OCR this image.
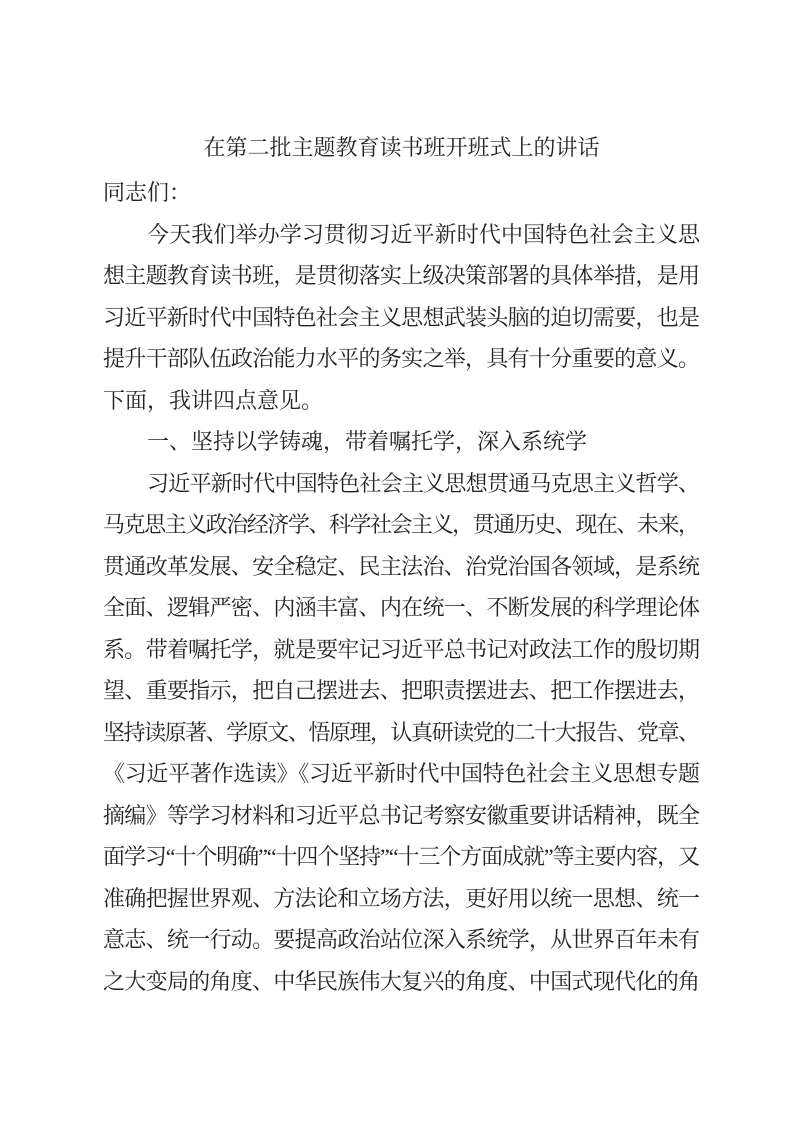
在第二批主题教育读书班开班式上的讲话
同志们：
今天我们举办学习贯彻习近平新时代中国特色社会主义思
想主题教育读书班，是贯彻落实上级决策部署的具体举措，是用
习近平新时代中国特色社会主义思想武装头脑的迫切需要，也是
提升干部队伍政治能力水平的务实之举，具有十分重要的意义。
下面，我讲四点意见。
一、坚持以学铸魂，带着嘱托学，深入系统学
习近平新时代中国特色社会主义思想贯通马克思主义哲学、
马克思主义政治经济学、科学社会主义，贯通历史、现在、未来，
贯通改革发展、安全稳定、民主法治、治党治国各领域，是系统
全面、逻辑严密、内涵丰富、内在统一、不断发展的科学理论体
系。带着嘱托学，就是要牢记习近平总书记对政法工作的殷切期
望、重要指示，把自己摆进去、把职责摆进去、把工作摆进去，
坚持读原著、学原文、悟原理，认真研读党的二十大报告、党章、
《习近平著作选读》《习近平新时代中国特色社会主义思想专题
摘编》等学习材料和习近平总书记考察安徽重要讲话精神，既全
面学习“十个明确”“十四个坚持”“十三个方面成就”等主要内容，又
准确把握世界观、方法论和立场方法，更好用以统一思想、统一
意志、统一行动。要提高政治站位深入系统学，从世界百年未有
之大变局的角度、中华民族伟大复兴的角度、中国式现代化的角
